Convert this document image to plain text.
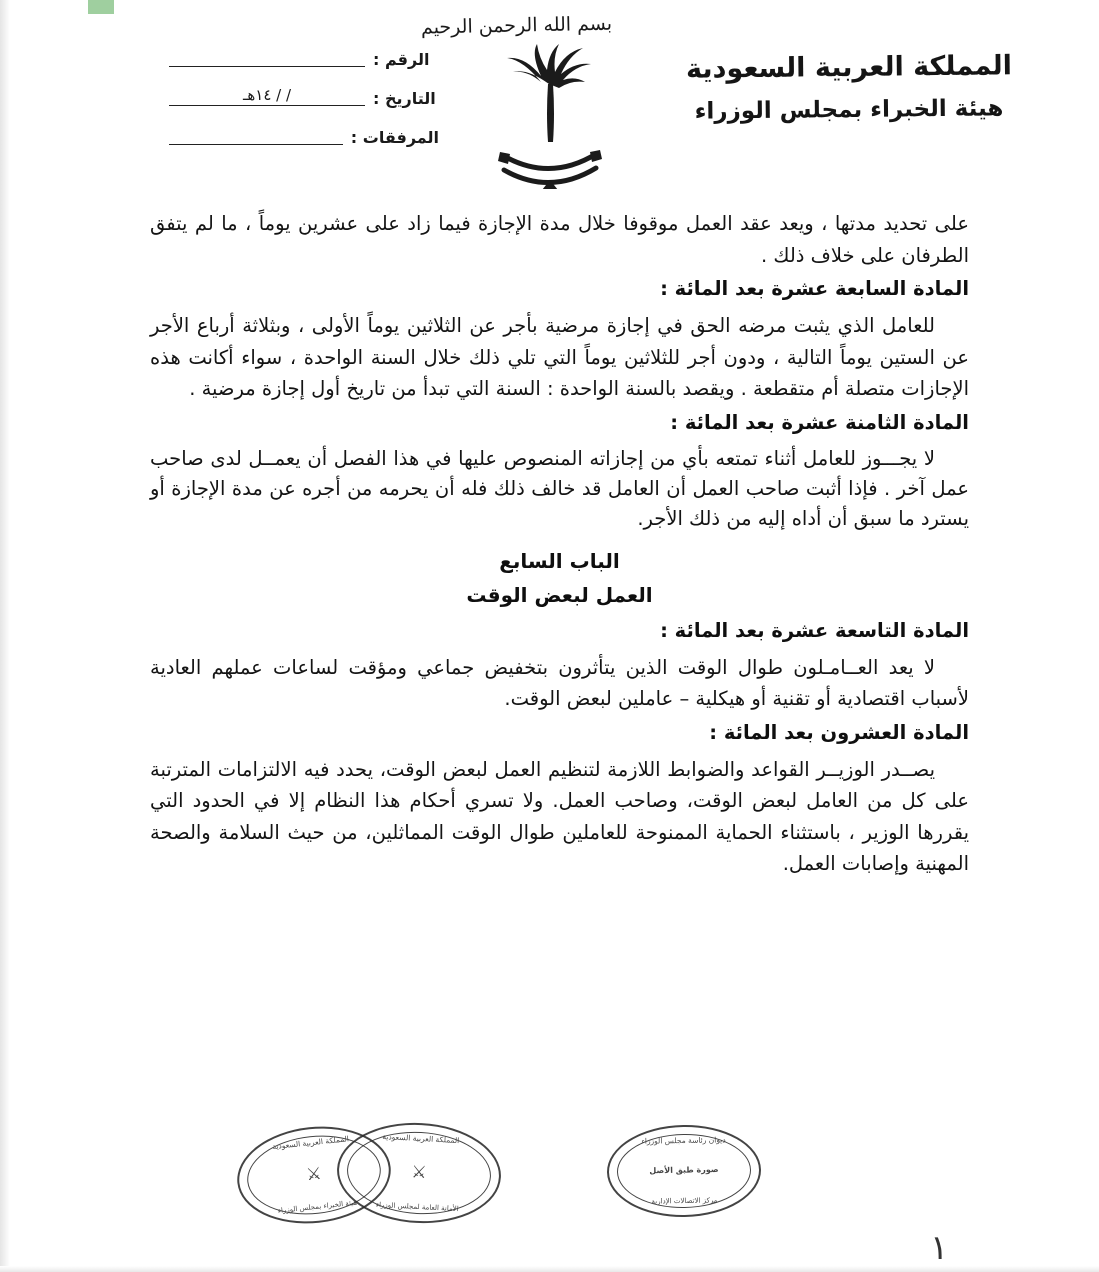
بسم الله الرحمن الرحيم
المملكة العربية السعودية
هيئة الخبراء بمجلس الوزراء
الرقم :
التاريخ :
/ / ١٤هـ
المرفقات :

على تحديد مدتها ، ويعد عقد العمل موقوفا خلال مدة الإجازة فيما زاد على عشرين يوماً ، ما لم يتفق الطرفان على خلاف ذلك .

المادة السابعة عشرة بعد المائة :

للعامل الذي يثبت مرضه الحق في إجازة مرضية بأجر عن الثلاثين يوماً الأولى ، وبثلاثة أرباع الأجر عن الستين يوماً التالية ، ودون أجر للثلاثين يوماً التي تلي ذلك خلال السنة الواحدة ، سواء أكانت هذه الإجازات متصلة أم متقطعة . ويقصد بالسنة الواحدة : السنة التي تبدأ من تاريخ أول إجازة مرضية .

المادة الثامنة عشرة بعد المائة :

لا يجـــوز للعامل أثناء تمتعه بأي من إجازاته المنصوص عليها في هذا الفصل أن يعمــل لدى صاحب عمل آخر . فإذا أثبت صاحب العمل أن العامل قد خالف ذلك فله أن يحرمه من أجره عن مدة الإجازة أو يسترد ما سبق أن أداه إليه من ذلك الأجر.

الباب السابع
العمل لبعض الوقت
المادة التاسعة عشرة بعد المائة :

لا يعد العــامـلون طوال الوقت الذين يتأثرون بتخفيض جماعي ومؤقت لساعات عملهم العادية لأسباب اقتصادية أو تقنية أو هيكلية – عاملين لبعض الوقت.

المادة العشرون بعد المائة :

يصــدر الوزيــر القواعد والضوابط اللازمة لتنظيم العمل لبعض الوقت، يحدد فيه الالتزامات المترتبة على كل من العامل لبعض الوقت، وصاحب العمل. ولا تسري أحكام هذا النظام إلا في الحدود التي يقررها الوزير ، باستثناء الحماية الممنوحة للعاملين طوال الوقت المماثلين، من حيث السلامة والصحة المهنية وإصابات العمل.

المملكة العربية السعودية
⚔
هيئة الخبراء بمجلس الوزراء
المملكة العربية السعودية
⚔
الأمانة العامة لمجلس الوزراء
ديوان رئاسة مجلس الوزراء
صورة طبق الأصل
مركز الاتصالات الإدارية
١
